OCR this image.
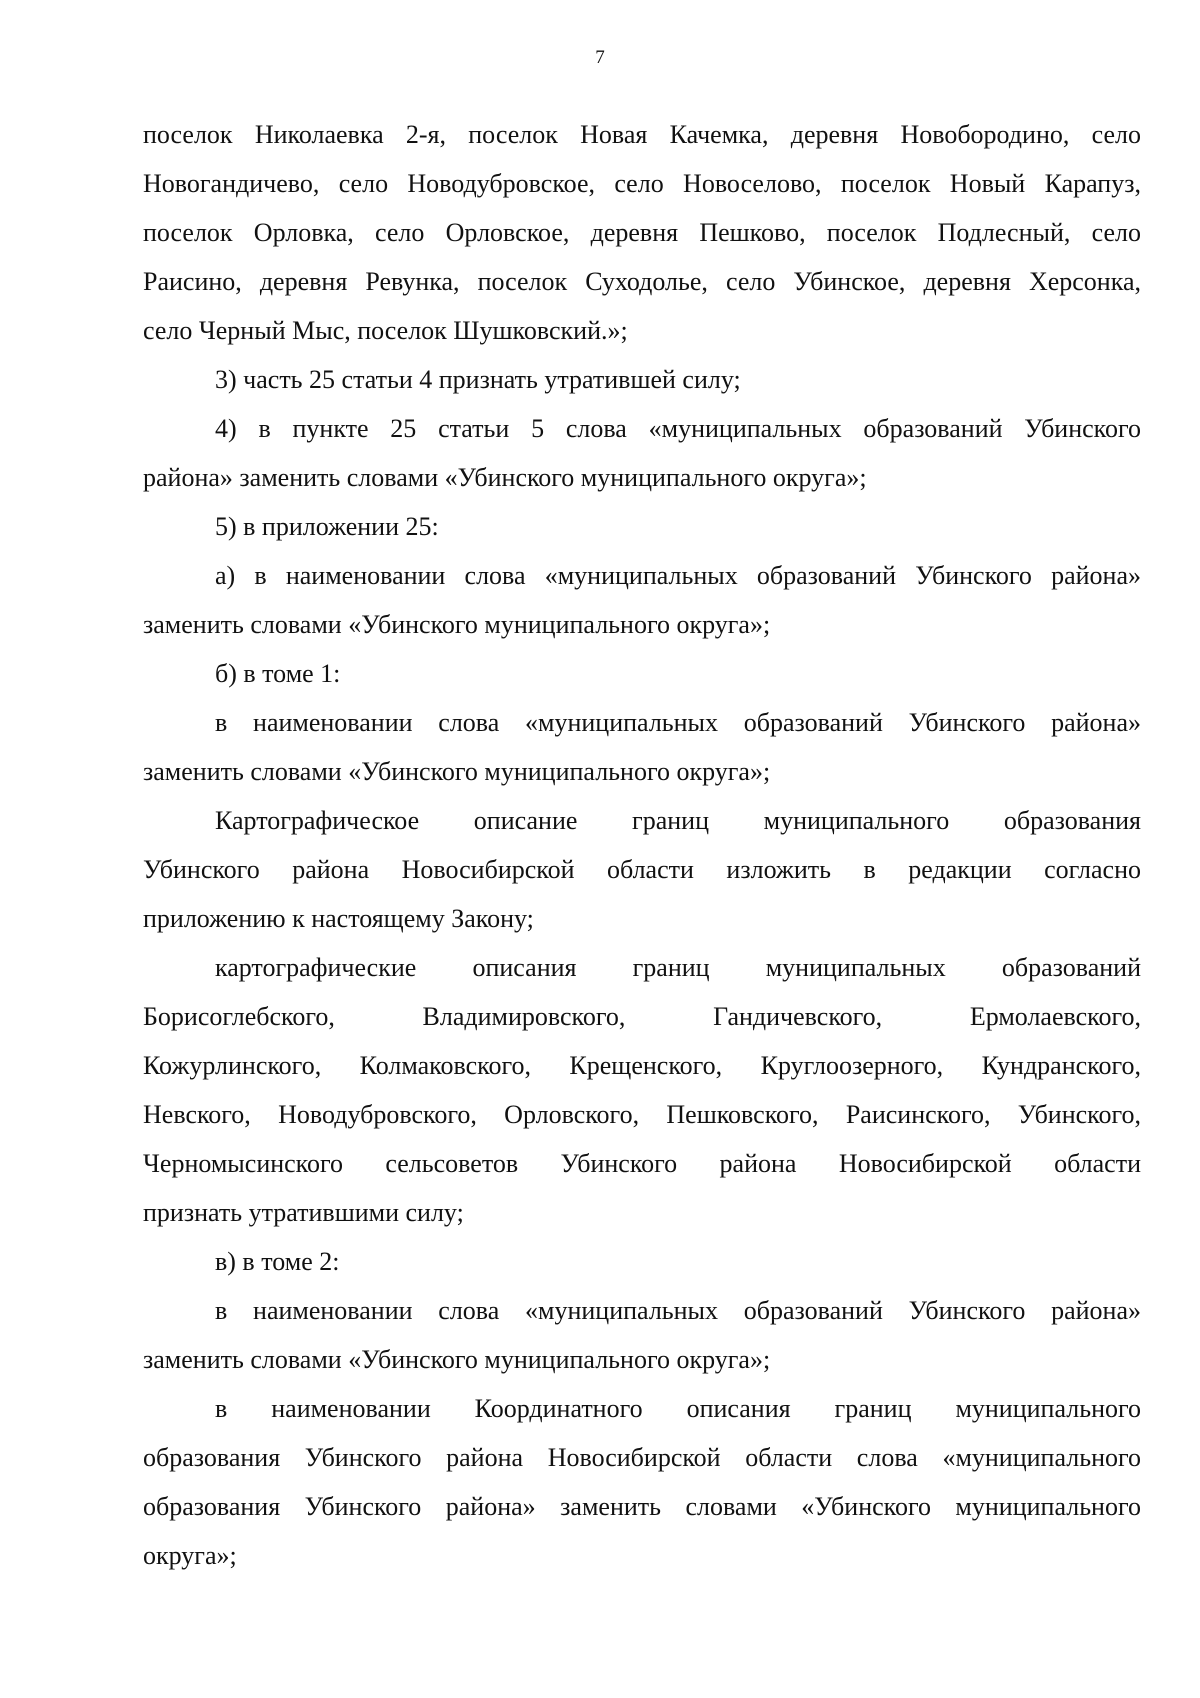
7

поселок Николаевка 2-я, поселок Новая Качемка, деревня Новобородино, село
Новогандичево, село Новодубровское, село Новоселово, поселок Новый Карапуз,
поселок Орловка, село Орловское, деревня Пешково, поселок Подлесный, село
Раисино, деревня Ревунка, поселок Суходолье, село Убинское, деревня Херсонка,
село Черный Мыс, поселок Шушковский.»;

3) часть 25 статьи 4 признать утратившей силу;

4) в пункте 25 статьи 5 слова «муниципальных образований Убинского
района» заменить словами «Убинского муниципального округа»;

5) в приложении 25:

а) в наименовании слова «муниципальных образований Убинского района»
заменить словами «Убинского муниципального округа»;

б) в томе 1:

в наименовании слова «муниципальных образований Убинского района»
заменить словами «Убинского муниципального округа»;

Картографическое описание границ муниципального образования
Убинского района Новосибирской области изложить в редакции согласно
приложению к настоящему Закону;

картографические описания границ муниципальных образований
Борисоглебского, Владимировского, Гандичевского, Ермолаевского,
Кожурлинского, Колмаковского, Крещенского, Круглоозерного, Кундранского,
Невского, Новодубровского, Орловского, Пешковского, Раисинского, Убинского,
Черномысинского сельсоветов Убинского района Новосибирской области
признать утратившими силу;

в) в томе 2:

в наименовании слова «муниципальных образований Убинского района»
заменить словами «Убинского муниципального округа»;

в наименовании Координатного описания границ муниципального
образования Убинского района Новосибирской области слова «муниципального
образования Убинского района» заменить словами «Убинского муниципального
округа»;
